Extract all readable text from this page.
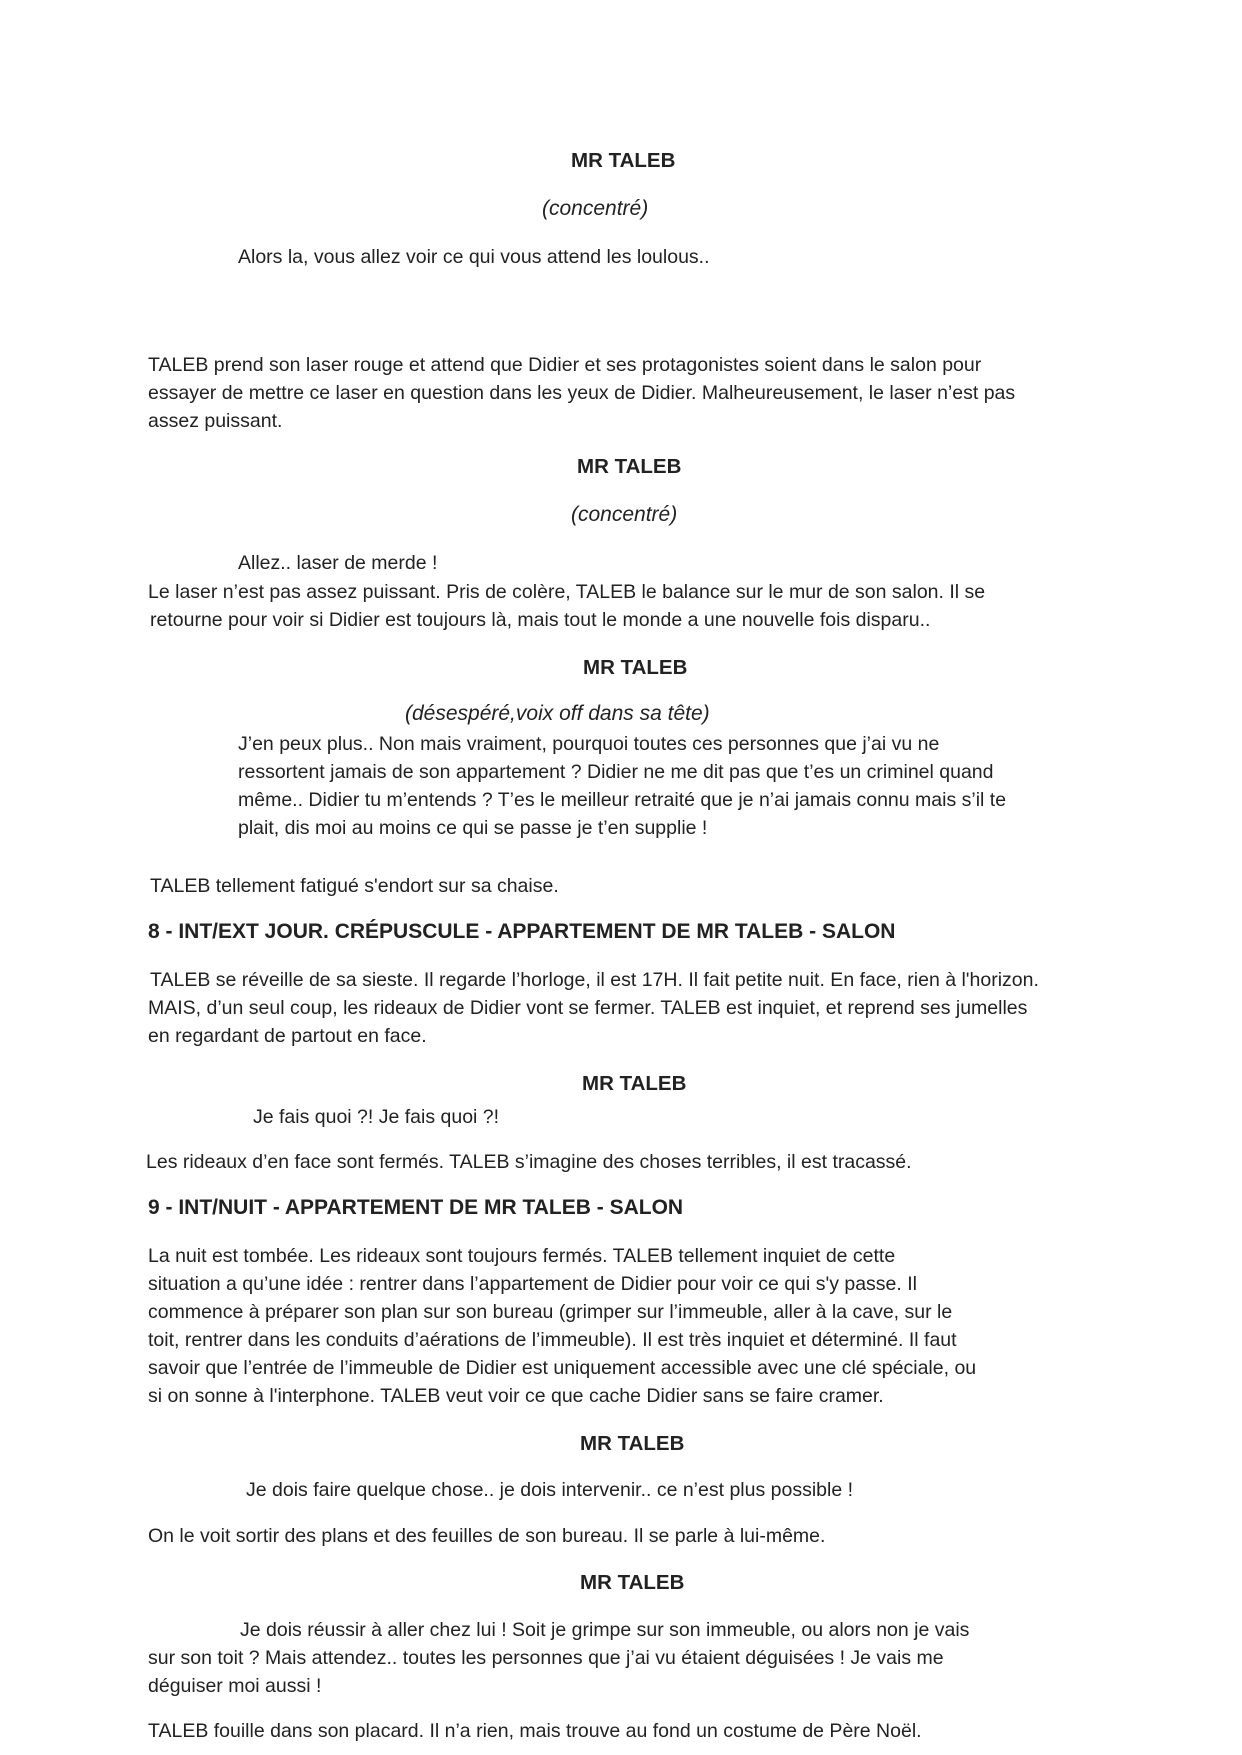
MR TALEB

(concentré)

Alors la, vous allez voir ce qui vous attend les loulous..

TALEB prend son laser rouge et attend que Didier et ses protagonistes soient dans le salon pour

essayer de mettre ce laser en question dans les yeux de Didier. Malheureusement, le laser n’est pas

assez puissant.

MR TALEB

(concentré)

Allez.. laser de merde !

Le laser n’est pas assez puissant. Pris de colère, TALEB le balance sur le mur de son salon. Il se

retourne pour voir si Didier est toujours là, mais tout le monde a une nouvelle fois disparu..

MR TALEB

(désespéré,voix off dans sa tête)

J’en peux plus.. Non mais vraiment, pourquoi toutes ces personnes que j’ai vu ne

ressortent jamais de son appartement ? Didier ne me dit pas que t’es un criminel quand

même.. Didier tu m’entends ? T’es le meilleur retraité que je n’ai jamais connu mais s’il te

plait, dis moi au moins ce qui se passe je t’en supplie !

TALEB tellement fatigué s'endort sur sa chaise.

8 - INT/EXT JOUR. CRÉPUSCULE - APPARTEMENT DE MR TALEB - SALON

TALEB se réveille de sa sieste. Il regarde l’horloge, il est 17H. Il fait petite nuit. En face, rien à l'horizon.

MAIS, d’un seul coup, les rideaux de Didier vont se fermer. TALEB est inquiet, et reprend ses jumelles

en regardant de partout en face.

MR TALEB

Je fais quoi ?! Je fais quoi ?!

Les rideaux d’en face sont fermés. TALEB s’imagine des choses terribles, il est tracassé.

9 - INT/NUIT - APPARTEMENT DE MR TALEB - SALON

La nuit est tombée. Les rideaux sont toujours fermés. TALEB tellement inquiet de cette

situation a qu’une idée : rentrer dans l’appartement de Didier pour voir ce qui s'y passe. Il

commence à préparer son plan sur son bureau (grimper sur l’immeuble, aller à la cave, sur le

toit, rentrer dans les conduits d’aérations de l’immeuble). Il est très inquiet et déterminé. Il faut

savoir que l’entrée de l’immeuble de Didier est uniquement accessible avec une clé spéciale, ou

si on sonne à l'interphone. TALEB veut voir ce que cache Didier sans se faire cramer.

MR TALEB

Je dois faire quelque chose.. je dois intervenir.. ce n’est plus possible !

On le voit sortir des plans et des feuilles de son bureau. Il se parle à lui-même.

MR TALEB

Je dois réussir à aller chez lui ! Soit je grimpe sur son immeuble, ou alors non je vais

sur son toit ? Mais attendez.. toutes les personnes que j’ai vu étaient déguisées ! Je vais me

déguiser moi aussi !

TALEB fouille dans son placard. Il n’a rien, mais trouve au fond un costume de Père Noël.
